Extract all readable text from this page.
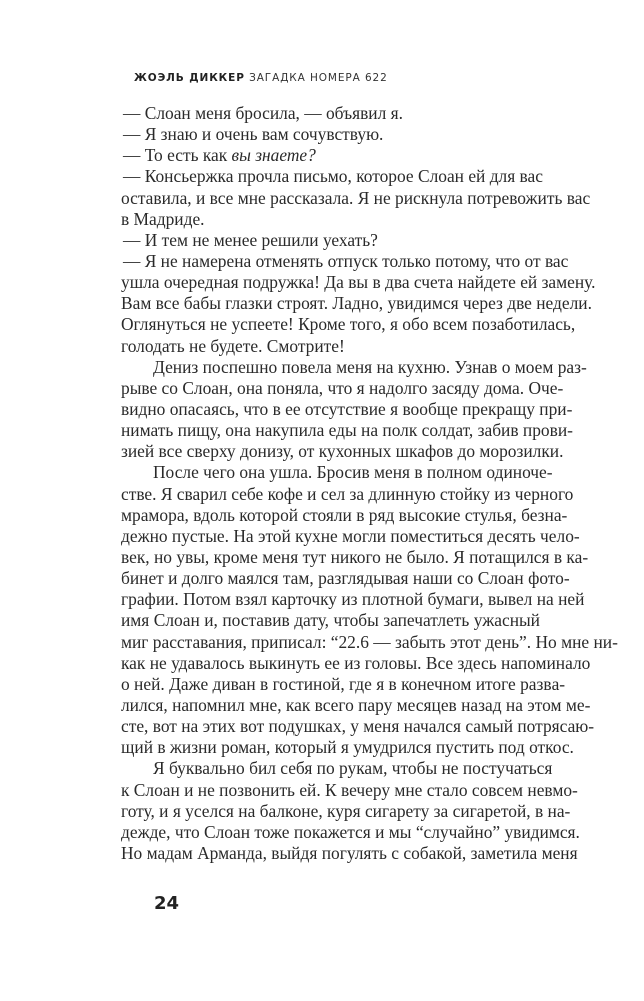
ЖОЭЛЬ ДИККЕР ЗАГАДКА НОМЕРА 622
— Слоан меня бросила, — объявил я.
— Я знаю и очень вам сочувствую.
— То есть как вы знаете?
— Консьержка прочла письмо, которое Слоан ей для вас
оставила, и все мне рассказала. Я не рискнула потревожить вас
в Мадриде.
— И тем не менее решили уехать?
— Я не намерена отменять отпуск только потому, что от вас
ушла очередная подружка! Да вы в два счета найдете ей замену.
Вам все бабы глазки строят. Ладно, увидимся через две недели.
Оглянуться не успеете! Кроме того, я обо всем позаботилась,
голодать не будете. Смотрите!
Дениз поспешно повела меня на кухню. Узнав о моем раз-
рыве со Слоан, она поняла, что я надолго засяду дома. Оче-
видно опасаясь, что в ее отсутствие я вообще прекращу при-
нимать пищу, она накупила еды на полк солдат, забив прови-
зией все сверху донизу, от кухонных шкафов до морозилки.
После чего она ушла. Бросив меня в полном одиноче-
стве. Я сварил себе кофе и сел за длинную стойку из черного
мрамора, вдоль которой стояли в ряд высокие стулья, безна-
дежно пустые. На этой кухне могли поместиться десять чело-
век, но увы, кроме меня тут никого не было. Я потащился в ка-
бинет и долго маялся там, разглядывая наши со Слоан фото-
графии. Потом взял карточку из плотной бумаги, вывел на ней
имя Слоан и, поставив дату, чтобы запечатлеть ужасный
миг расставания, приписал: “22.6 — забыть этот день”. Но мне ни-
как не удавалось выкинуть ее из головы. Все здесь напоминало
о ней. Даже диван в гостиной, где я в конечном итоге развa-
лился, напомнил мне, как всего пару месяцев назад на этом ме-
сте, вот на этих вот подушках, у меня начался самый потрясаю-
щий в жизни роман, который я умудрился пустить под откос.
Я буквально бил себя по рукам, чтобы не постучаться
к Слоан и не позвонить ей. К вечеру мне стало совсем невмо-
готу, и я уселся на балконе, куря сигарету за сигаретой, в на-
дежде, что Слоан тоже покажется и мы “случайно” увидимся.
Но мадам Арманда, выйдя погулять с собакой, заметила меня
24
